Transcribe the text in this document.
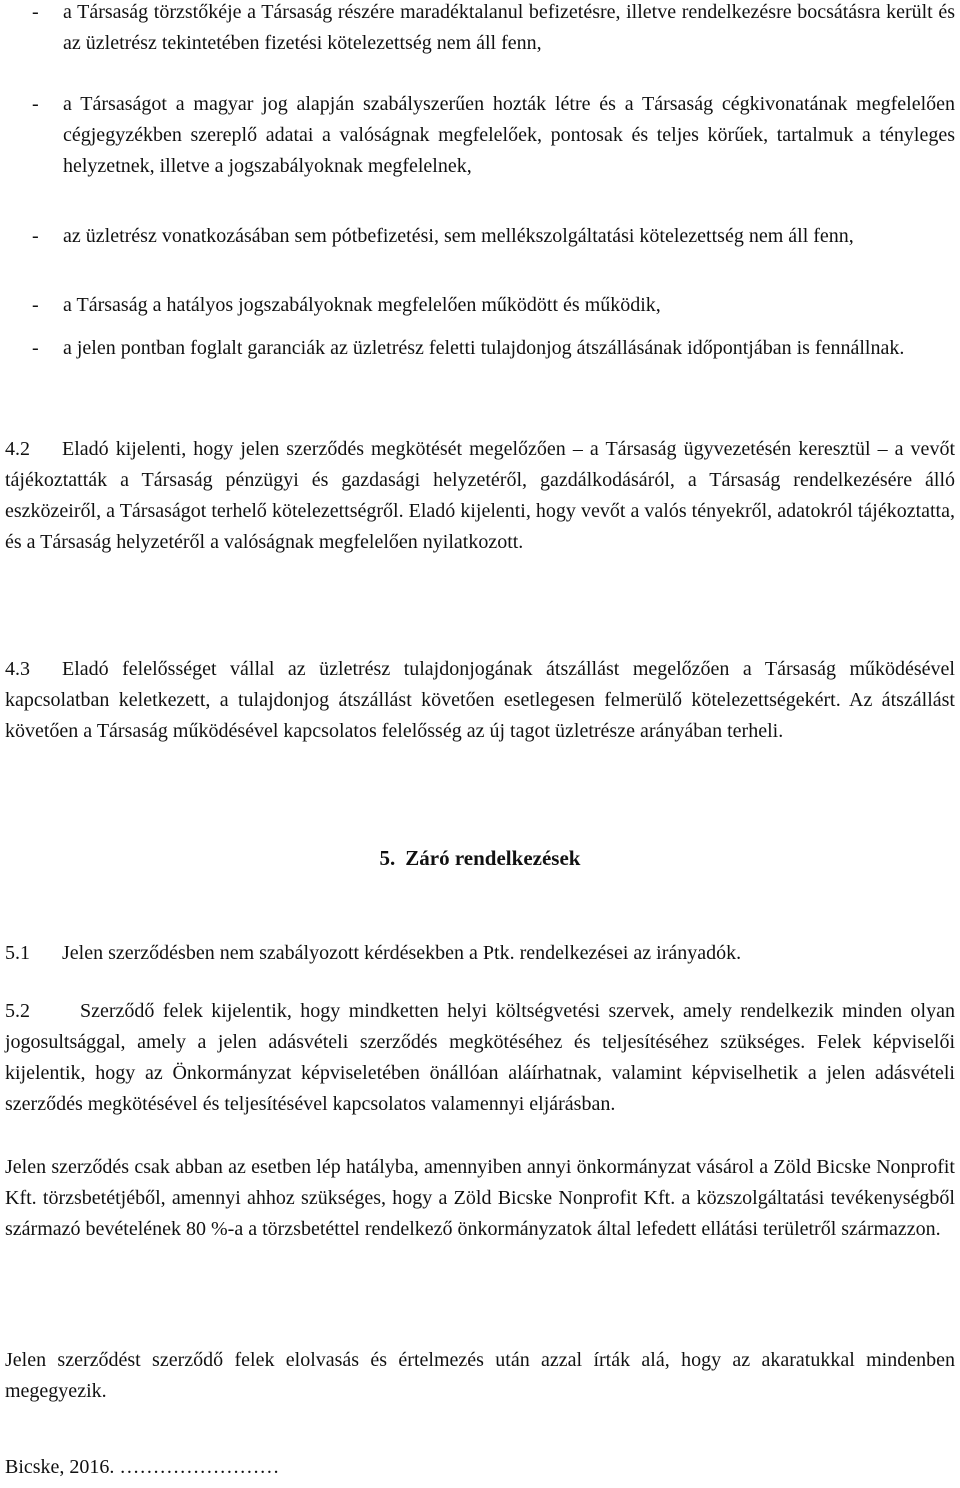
- a Társaság törzstőkéje a Társaság részére maradéktalanul befizetésre, illetve rendelkezésre bocsátásra került és az üzletrész tekintetében fizetési kötelezettség nem áll fenn,
- a Társaságot a magyar jog alapján szabályszerűen hozták létre és a Társaság cégkivonatának megfelelően cégjegyzékben szereplő adatai a valóságnak megfelelőek, pontosak és teljes körűek, tartalmuk a tényleges helyzetnek, illetve a jogszabályoknak megfelelnek,
- az üzletrész vonatkozásában sem pótbefizetési, sem mellékszolgáltatási kötelezettség nem áll fenn,
- a Társaság a hatályos jogszabályoknak megfelelően működött és működik,
- a jelen pontban foglalt garanciák az üzletrész feletti tulajdonjog átszállásának időpontjában is fennállnak.
4.2 Eladó kijelenti, hogy jelen szerződés megkötését megelőzően – a Társaság ügyvezetésén keresztül – a vevőt tájékoztatták a Társaság pénzügyi és gazdasági helyzetéről, gazdálkodásáról, a Társaság rendelkezésére álló eszközeiről, a Társaságot terhelő kötelezettségről. Eladó kijelenti, hogy vevőt a valós tényekről, adatokról tájékoztatta, és a Társaság helyzetéről a valóságnak megfelelően nyilatkozott.
4.3 Eladó felelősséget vállal az üzletrész tulajdonjogának átszállást megelőzően a Társaság működésével kapcsolatban keletkezett, a tulajdonjog átszállást követően esetlegesen felmerülő kötelezettségekért. Az átszállást követően a Társaság működésével kapcsolatos felelősség az új tagot üzletrésze arányában terheli.
5. Záró rendelkezések
5.1 Jelen szerződésben nem szabályozott kérdésekben a Ptk. rendelkezései az irányadók.
5.2	Szerződő felek kijelentik, hogy mindketten helyi költségvetési szervek, amely rendelkezik minden olyan jogosultsággal, amely a jelen adásvételi szerződés megkötéséhez és teljesítéséhez szükséges. Felek képviselői kijelentik, hogy az Önkormányzat képviseletében önállóan aláírhatnak, valamint képviselhetik a jelen adásvételi szerződés megkötésével és teljesítésével kapcsolatos valamennyi eljárásban.
Jelen szerződés csak abban az esetben lép hatályba, amennyiben annyi önkormányzat vásárol a Zöld Bicske Nonprofit Kft. törzsbetétjéből, amennyi ahhoz szükséges, hogy a Zöld Bicske Nonprofit Kft. a közszolgáltatási tevékenységből származó bevételének 80 %-a a törzsbetéttel rendelkező önkormányzatok által lefedett ellátási területről származzon.
Jelen szerződést szerződő felek elolvasás és értelmezés után azzal írták alá, hogy az akaratukkal mindenben megegyezik.
Bicske, 2016. ……………………
